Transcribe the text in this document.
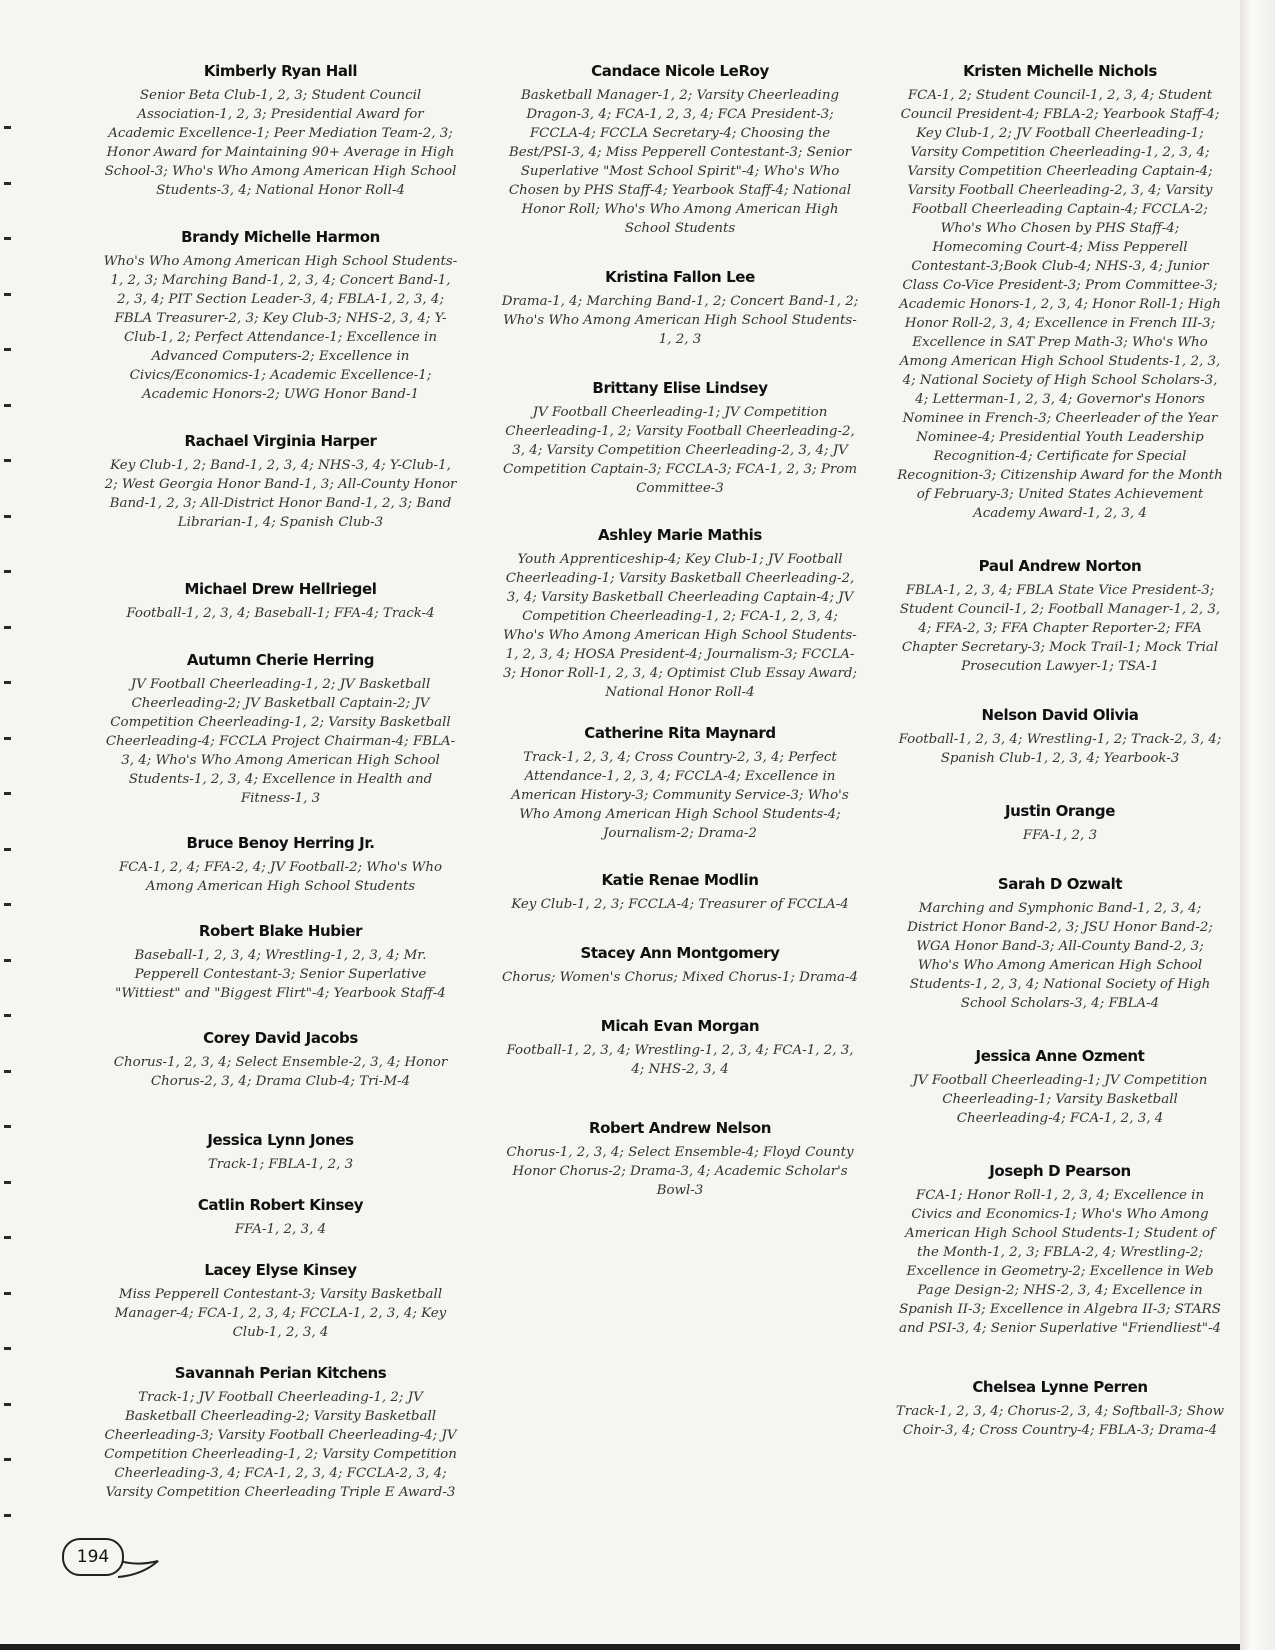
Kimberly Ryan Hall

Senior Beta Club-1, 2, 3; Student Council Association-1, 2, 3; Presidential Award for Academic Excellence-1; Peer Mediation Team-2, 3; Honor Award for Maintaining 90+ Average in High School-3; Who's Who Among American High School Students-3, 4; National Honor Roll-4

Brandy Michelle Harmon

Who's Who Among American High School Students-1, 2, 3; Marching Band-1, 2, 3, 4; Concert Band-1, 2, 3, 4; PIT Section Leader-3, 4; FBLA-1, 2, 3, 4; FBLA Treasurer-2, 3; Key Club-3; NHS-2, 3, 4; Y-Club-1, 2; Perfect Attendance-1; Excellence in Advanced Computers-2; Excellence in Civics/Economics-1; Academic Excellence-1; Academic Honors-2; UWG Honor Band-1

Rachael Virginia Harper

Key Club-1, 2; Band-1, 2, 3, 4; NHS-3, 4; Y-Club-1, 2; West Georgia Honor Band-1, 3; All-County Honor Band-1, 2, 3; All-District Honor Band-1, 2, 3; Band Librarian-1, 4; Spanish Club-3

Michael Drew Hellriegel

Football-1, 2, 3, 4; Baseball-1; FFA-4; Track-4

Autumn Cherie Herring

JV Football Cheerleading-1, 2; JV Basketball Cheerleading-2; JV Basketball Captain-2; JV Competition Cheerleading-1, 2; Varsity Basketball Cheerleading-4; FCCLA Project Chairman-4; FBLA-3, 4; Who's Who Among American High School Students-1, 2, 3, 4; Excellence in Health and Fitness-1, 3

Bruce Benoy Herring Jr.

FCA-1, 2, 4; FFA-2, 4; JV Football-2; Who's Who Among American High School Students

Robert Blake Hubier

Baseball-1, 2, 3, 4; Wrestling-1, 2, 3, 4; Mr. Pepperell Contestant-3; Senior Superlative "Wittiest" and "Biggest Flirt"-4; Yearbook Staff-4

Corey David Jacobs

Chorus-1, 2, 3, 4; Select Ensemble-2, 3, 4; Honor Chorus-2, 3, 4; Drama Club-4; Tri-M-4

Jessica Lynn Jones

Track-1; FBLA-1, 2, 3

Catlin Robert Kinsey

FFA-1, 2, 3, 4

Lacey Elyse Kinsey

Miss Pepperell Contestant-3; Varsity Basketball Manager-4; FCA-1, 2, 3, 4; FCCLA-1, 2, 3, 4; Key Club-1, 2, 3, 4

Savannah Perian Kitchens

Track-1; JV Football Cheerleading-1, 2; JV Basketball Cheerleading-2; Varsity Basketball Cheerleading-3; Varsity Football Cheerleading-4; JV Competition Cheerleading-1, 2; Varsity Competition Cheerleading-3, 4; FCA-1, 2, 3, 4; FCCLA-2, 3, 4; Varsity Competition Cheerleading Triple E Award-3

Candace Nicole LeRoy

Basketball Manager-1, 2; Varsity Cheerleading Dragon-3, 4; FCA-1, 2, 3, 4; FCA President-3; FCCLA-4; FCCLA Secretary-4; Choosing the Best/PSI-3, 4; Miss Pepperell Contestant-3; Senior Superlative "Most School Spirit"-4; Who's Who Chosen by PHS Staff-4; Yearbook Staff-4; National Honor Roll; Who's Who Among American High School Students

Kristina Fallon Lee

Drama-1, 4; Marching Band-1, 2; Concert Band-1, 2; Who's Who Among American High School Students-1, 2, 3

Brittany Elise Lindsey

JV Football Cheerleading-1; JV Competition Cheerleading-1, 2; Varsity Football Cheerleading-2, 3, 4; Varsity Competition Cheerleading-2, 3, 4; JV Competition Captain-3; FCCLA-3; FCA-1, 2, 3; Prom Committee-3

Ashley Marie Mathis

Youth Apprenticeship-4; Key Club-1; JV Football Cheerleading-1; Varsity Basketball Cheerleading-2, 3, 4; Varsity Basketball Cheerleading Captain-4; JV Competition Cheerleading-1, 2; FCA-1, 2, 3, 4; Who's Who Among American High School Students-1, 2, 3, 4; HOSA President-4; Journalism-3; FCCLA-3; Honor Roll-1, 2, 3, 4; Optimist Club Essay Award; National Honor Roll-4

Catherine Rita Maynard

Track-1, 2, 3, 4; Cross Country-2, 3, 4; Perfect Attendance-1, 2, 3, 4; FCCLA-4; Excellence in American History-3; Community Service-3; Who's Who Among American High School Students-4; Journalism-2; Drama-2

Katie Renae Modlin

Key Club-1, 2, 3; FCCLA-4; Treasurer of FCCLA-4

Stacey Ann Montgomery

Chorus; Women's Chorus; Mixed Chorus-1; Drama-4

Micah Evan Morgan

Football-1, 2, 3, 4; Wrestling-1, 2, 3, 4; FCA-1, 2, 3, 4; NHS-2, 3, 4

Robert Andrew Nelson

Chorus-1, 2, 3, 4; Select Ensemble-4; Floyd County Honor Chorus-2; Drama-3, 4; Academic Scholar's Bowl-3

Kristen Michelle Nichols

FCA-1, 2; Student Council-1, 2, 3, 4; Student Council President-4; FBLA-2; Yearbook Staff-4; Key Club-1, 2; JV Football Cheerleading-1; Varsity Competition Cheerleading-1, 2, 3, 4; Varsity Competition Cheerleading Captain-4; Varsity Football Cheerleading-2, 3, 4; Varsity Football Cheerleading Captain-4; FCCLA-2; Who's Who Chosen by PHS Staff-4; Homecoming Court-4; Miss Pepperell Contestant-3;Book Club-4; NHS-3, 4; Junior Class Co-Vice President-3; Prom Committee-3; Academic Honors-1, 2, 3, 4; Honor Roll-1; High Honor Roll-2, 3, 4; Excellence in French III-3; Excellence in SAT Prep Math-3; Who's Who Among American High School Students-1, 2, 3, 4; National Society of High School Scholars-3, 4; Letterman-1, 2, 3, 4; Governor's Honors Nominee in French-3; Cheerleader of the Year Nominee-4; Presidential Youth Leadership Recognition-4; Certificate for Special Recognition-3; Citizenship Award for the Month of February-3; United States Achievement Academy Award-1, 2, 3, 4

Paul Andrew Norton

FBLA-1, 2, 3, 4; FBLA State Vice President-3; Student Council-1, 2; Football Manager-1, 2, 3, 4; FFA-2, 3; FFA Chapter Reporter-2; FFA Chapter Secretary-3; Mock Trail-1; Mock Trial Prosecution Lawyer-1; TSA-1

Nelson David Olivia

Football-1, 2, 3, 4; Wrestling-1, 2; Track-2, 3, 4; Spanish Club-1, 2, 3, 4; Yearbook-3

Justin Orange

FFA-1, 2, 3

Sarah D Ozwalt

Marching and Symphonic Band-1, 2, 3, 4; District Honor Band-2, 3; JSU Honor Band-2; WGA Honor Band-3; All-County Band-2, 3; Who's Who Among American High School Students-1, 2, 3, 4; National Society of High School Scholars-3, 4; FBLA-4

Jessica Anne Ozment

JV Football Cheerleading-1; JV Competition Cheerleading-1; Varsity Basketball Cheerleading-4; FCA-1, 2, 3, 4

Joseph D Pearson

FCA-1; Honor Roll-1, 2, 3, 4; Excellence in Civics and Economics-1; Who's Who Among American High School Students-1; Student of the Month-1, 2, 3; FBLA-2, 4; Wrestling-2; Excellence in Geometry-2; Excellence in Web Page Design-2; NHS-2, 3, 4; Excellence in Spanish II-3; Excellence in Algebra II-3; STARS and PSI-3, 4; Senior Superlative "Friendliest"-4

Chelsea Lynne Perren

Track-1, 2, 3, 4; Chorus-2, 3, 4; Softball-3; Show Choir-3, 4; Cross Country-4; FBLA-3; Drama-4

194
